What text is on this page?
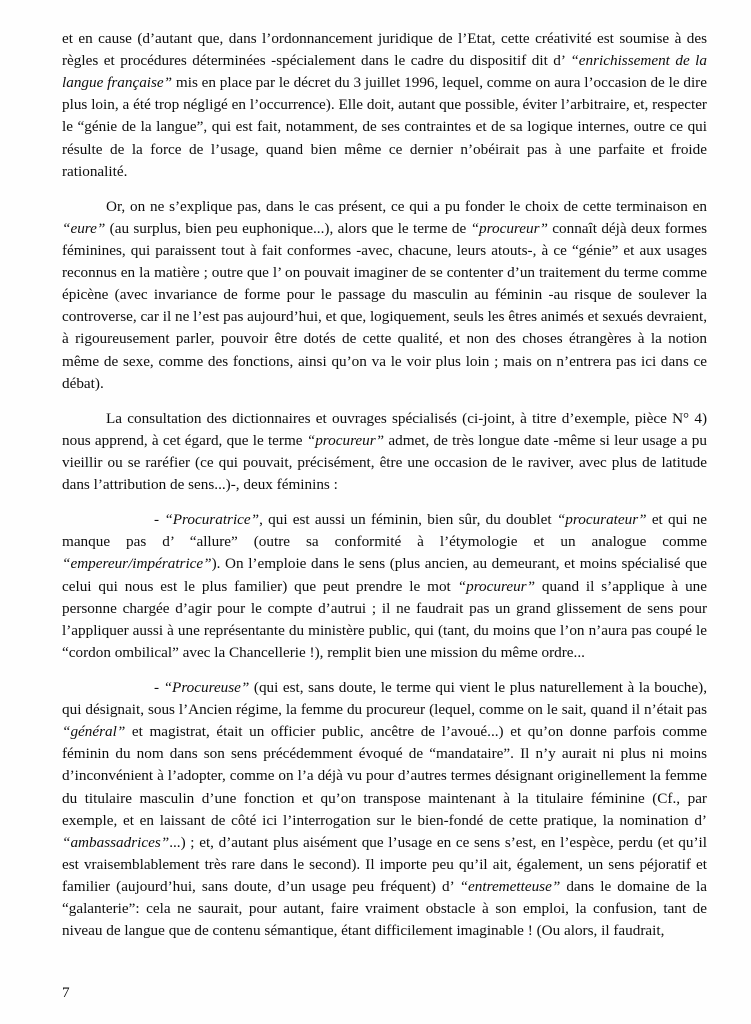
et en cause (d’autant que, dans l’ordonnancement juridique de l’Etat, cette créativité est soumise à des règles et procédures déterminées -spécialement dans le cadre du dispositif dit d’ “enrichissement de la langue française” mis en place par le décret du 3 juillet 1996, lequel, comme on aura l’occasion de le dire plus loin, a été trop négligé en l’occurrence). Elle doit, autant que possible, éviter l’arbitraire, et, respecter le “génie de la langue”, qui est fait, notamment, de ses contraintes et de sa logique internes, outre ce qui résulte de la force de l’usage, quand bien même ce dernier n’obéirait pas à une parfaite et froide rationalité.

Or, on ne s’explique pas, dans le cas présent, ce qui a pu fonder le choix de cette terminaison en “eure” (au surplus, bien peu euphonique...), alors que le terme de “procureur” connaît déjà deux formes féminines, qui paraissent tout à fait conformes -avec, chacune, leurs atouts-, à ce “génie” et aux usages reconnus en la matière ; outre que l’ on pouvait imaginer de se contenter d’un traitement du terme comme épicène (avec invariance de forme pour le passage du masculin au féminin -au risque de soulever la controverse, car il ne l’est pas aujourd’hui, et que, logiquement, seuls les êtres animés et sexués devraient, à rigoureusement parler, pouvoir être dotés de cette qualité, et non des choses étrangères à la notion même de sexe, comme des fonctions, ainsi qu’on va le voir plus loin ; mais on n’entrera pas ici dans ce débat).

La consultation des dictionnaires et ouvrages spécialisés (ci-joint, à titre d’exemple, pièce N° 4) nous apprend, à cet égard, que le terme “procureur” admet, de très longue date -même si leur usage a pu vieillir ou se raréfier (ce qui pouvait, précisément, être une occasion de le raviver, avec plus de latitude dans l’attribution de sens...)-, deux féminins :

- “Procuratrice”, qui est aussi un féminin, bien sûr, du doublet “procurateur” et qui ne manque pas d’ “allure” (outre sa conformité à l’étymologie et un analogue comme “empereur/impératrice”). On l’emploie dans le sens (plus ancien, au demeurant, et moins spécialisé que celui qui nous est le plus familier) que peut prendre le mot “procureur” quand il s’applique à une personne chargée d’agir pour le compte d’autrui ; il ne faudrait pas un grand glissement de sens pour l’appliquer aussi à une représentante du ministère public, qui (tant, du moins que l’on n’aura pas coupé le “cordon ombilical” avec la Chancellerie !), remplit bien une mission du même ordre...

- “Procureuse” (qui est, sans doute, le terme qui vient le plus naturellement à la bouche), qui désignait, sous l’Ancien régime, la femme du procureur (lequel, comme on le sait, quand il n’était pas “général” et magistrat, était un officier public, ancêtre de l’avoué...) et qu’on donne parfois comme féminin du nom dans son sens précédemment évoqué de “mandataire”. Il n’y aurait ni plus ni moins d’inconvénient à l’adopter, comme on l’a déjà vu pour d’autres termes désignant originellement la femme du titulaire masculin d’une fonction et qu’on transpose maintenant à la titulaire féminine (Cf., par exemple, et en laissant de côté ici l’interrogation sur le bien-fondé de cette pratique, la nomination d’ “ambassadrices”...) ; et, d’autant plus aisément que l’usage en ce sens s’est, en l’espèce, perdu (et qu’il est vraisemblablement très rare dans le second). Il importe peu qu’il ait, également, un sens péjoratif et familier (aujourd’hui, sans doute, d’un usage peu fréquent) d’ “entremetteuse” dans le domaine de la “galanterie”: cela ne saurait, pour autant, faire vraiment obstacle à son emploi, la confusion, tant de niveau de langue que de contenu sémantique, étant difficilement imaginable ! (Ou alors, il faudrait,

7
